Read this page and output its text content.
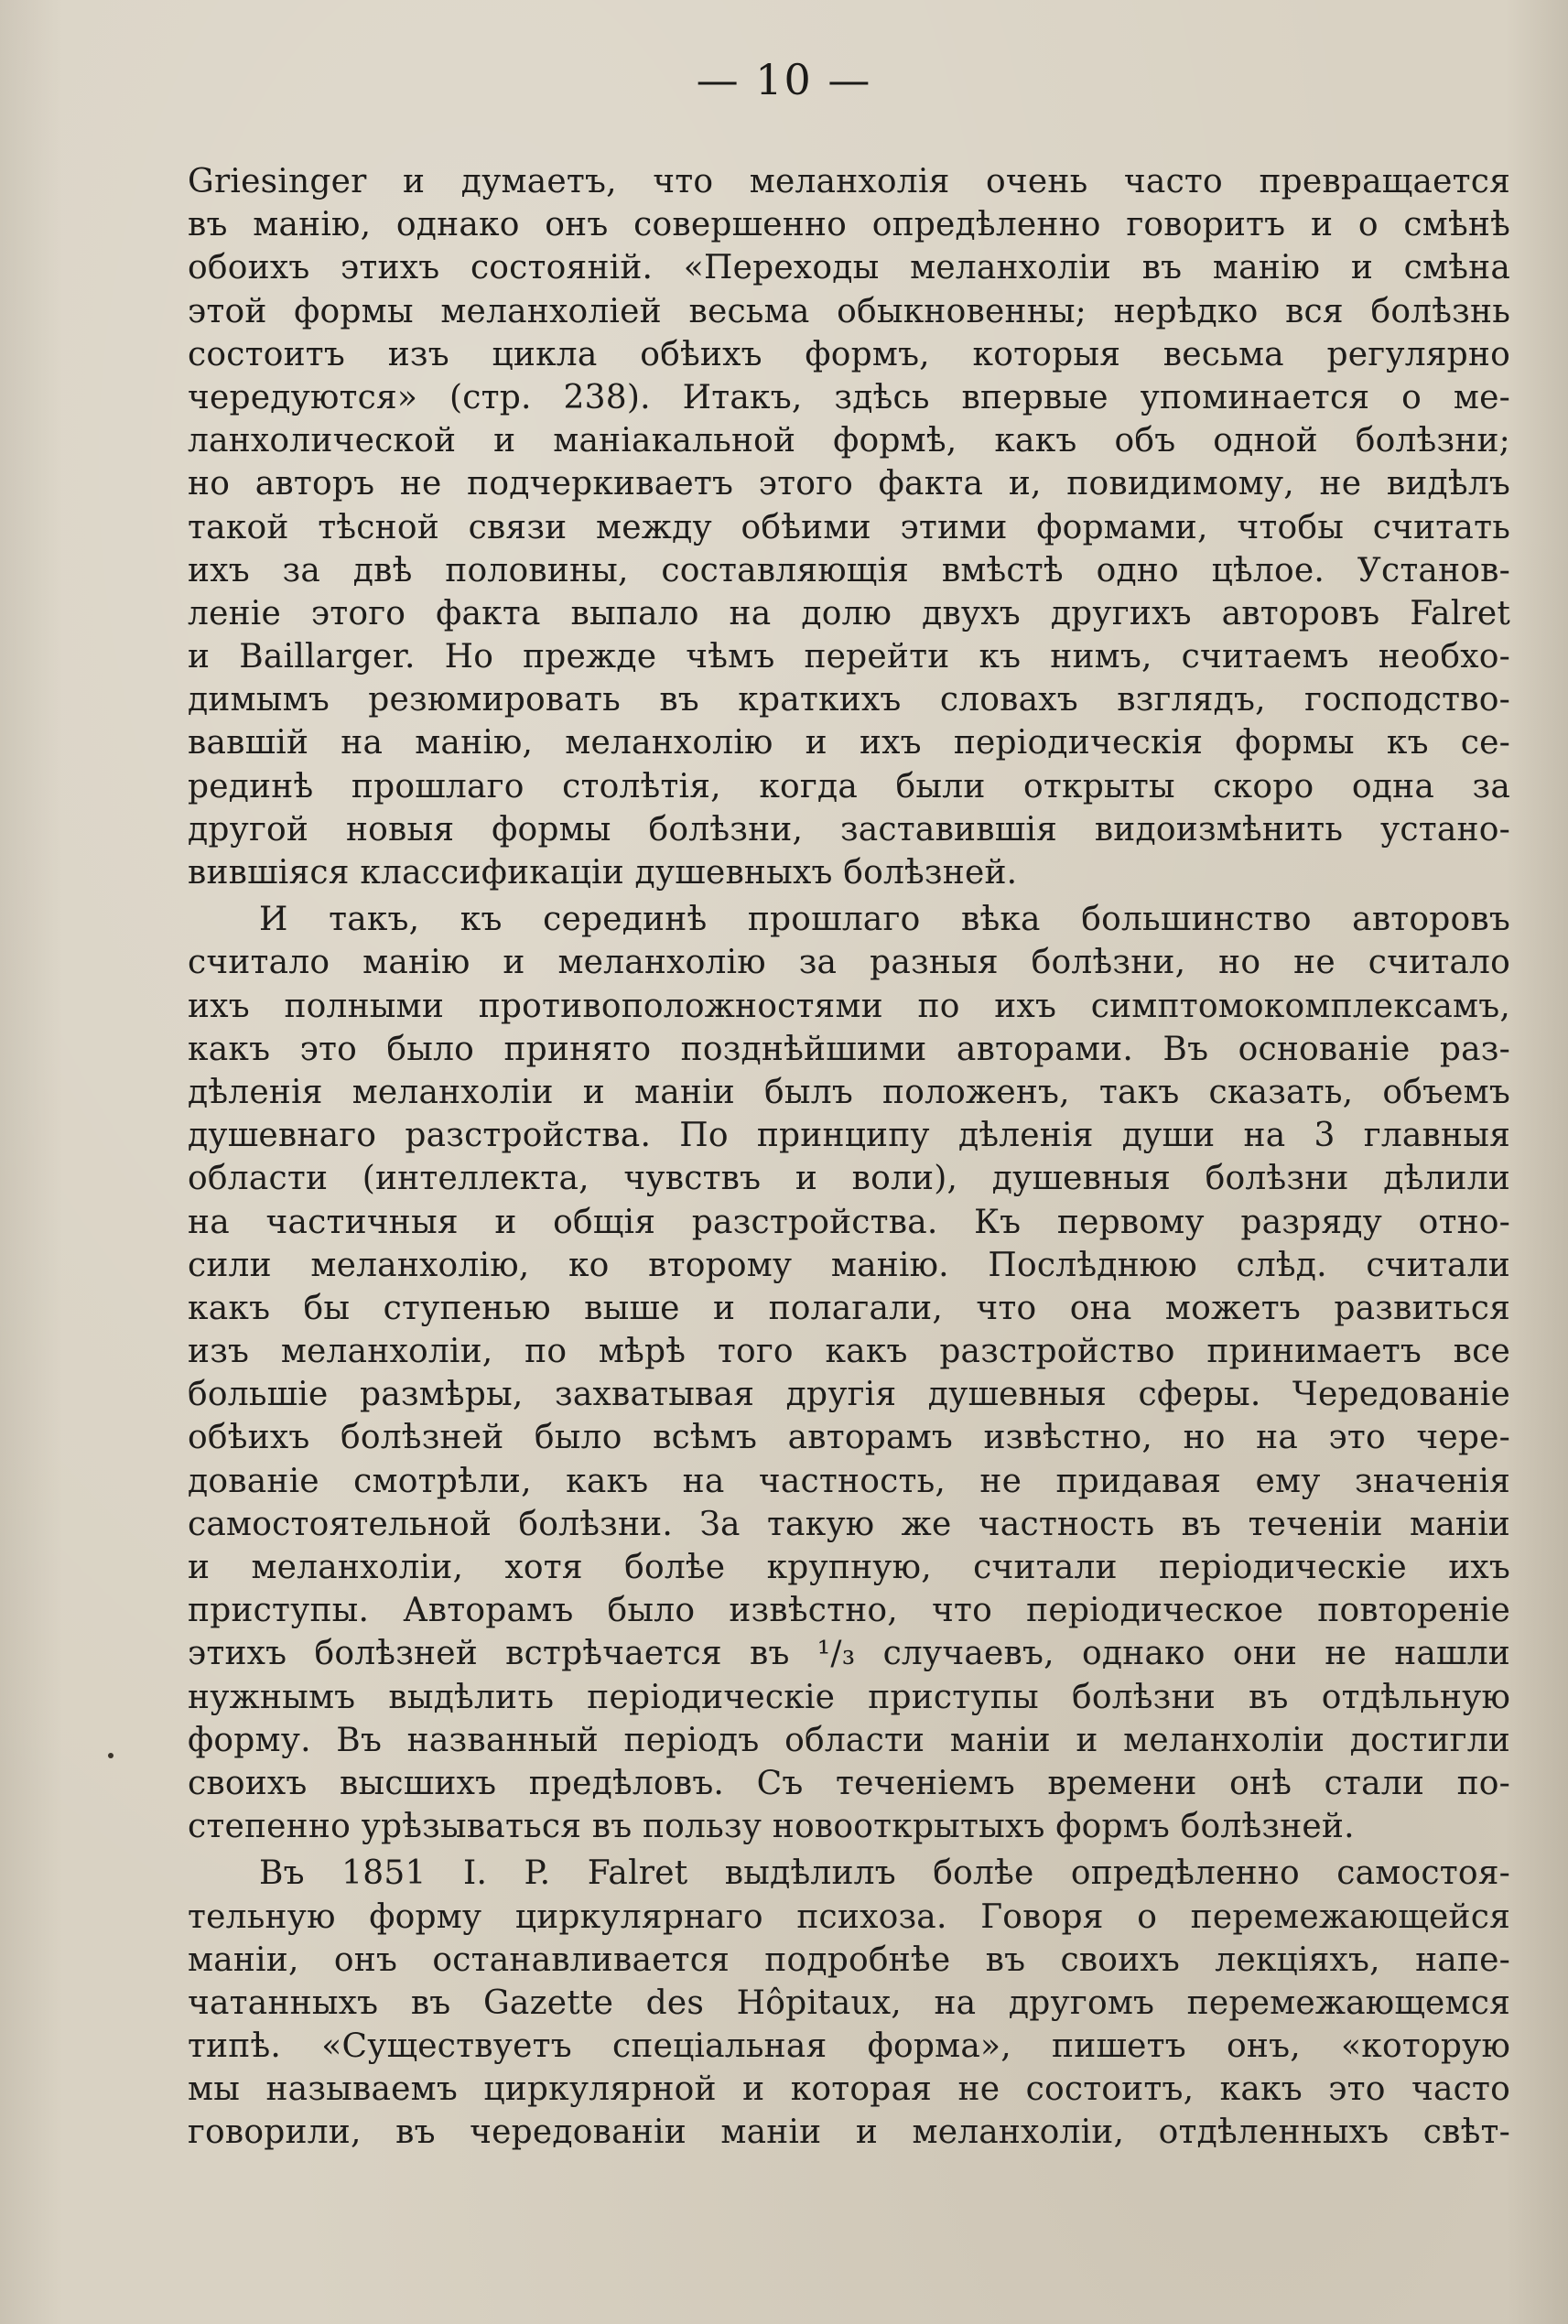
— 10 —
Griesinger и думаетъ, что меланхолія очень часто превращается
въ манію, однако онъ совершенно опредѣленно говоритъ и о смѣнѣ
обоихъ этихъ состояній. «Переходы меланхоліи въ манію и смѣна
этой формы меланхоліей весьма обыкновенны; нерѣдко вся болѣзнь
состоитъ изъ цикла обѣихъ формъ, которыя весьма регулярно
чередуются» (стр. 238). Итакъ, здѣсь впервые упоминается о ме-
ланхолической и маніакальной формѣ, какъ объ одной болѣзни;
но авторъ не подчеркиваетъ этого факта и, повидимому, не видѣлъ
такой тѣсной связи между обѣими этими формами, чтобы считать
ихъ за двѣ половины, составляющія вмѣстѣ одно цѣлое. Установ-
леніе этого факта выпало на долю двухъ другихъ авторовъ Falret
и Baillarger. Но прежде чѣмъ перейти къ нимъ, считаемъ необхо-
димымъ резюмировать въ краткихъ словахъ взглядъ, господство-
вавшій на манію, меланхолію и ихъ періодическія формы къ се-
рединѣ прошлаго столѣтія, когда были открыты скоро одна за
другой новыя формы болѣзни, заставившія видоизмѣнить устано-
вившіяся классификаціи душевныхъ болѣзней.
И такъ, къ серединѣ прошлаго вѣка большинство авторовъ
считало манію и меланхолію за разныя болѣзни, но не считало
ихъ полными противоположностями по ихъ симптомокомплексамъ,
какъ это было принято позднѣйшими авторами. Въ основаніе раз-
дѣленія меланхоліи и маніи былъ положенъ, такъ сказать, объемъ
душевнаго разстройства. По принципу дѣленія души на 3 главныя
области (интеллекта, чувствъ и воли), душевныя болѣзни дѣлили
на частичныя и общія разстройства. Къ первому разряду отно-
сили меланхолію, ко второму манію. Послѣднюю слѣд. считали
какъ бы ступенью выше и полагали, что она можетъ развиться
изъ меланхоліи, по мѣрѣ того какъ разстройство принимаетъ все
большіе размѣры, захватывая другія душевныя сферы. Чередованіе
обѣихъ болѣзней было всѣмъ авторамъ извѣстно, но на это чере-
дованіе смотрѣли, какъ на частность, не придавая ему значенія
самостоятельной болѣзни. За такую же частность въ теченіи маніи
и меланхоліи, хотя болѣе крупную, считали періодическіе ихъ
приступы. Авторамъ было извѣстно, что періодическое повтореніе
этихъ болѣзней встрѣчается въ ¹/₃ случаевъ, однако они не нашли
нужнымъ выдѣлить періодическіе приступы болѣзни въ отдѣльную
форму. Въ названный періодъ области маніи и меланхоліи достигли
своихъ высшихъ предѣловъ. Съ теченіемъ времени онѣ стали по-
степенно урѣзываться въ пользу новооткрытыхъ формъ болѣзней.
Въ 1851 I. P. Falret выдѣлилъ болѣе опредѣленно самостоя-
тельную форму циркулярнаго психоза. Говоря о перемежающейся
маніи, онъ останавливается подробнѣе въ своихъ лекціяхъ, напе-
чатанныхъ въ Gazette des Hôpitaux, на другомъ перемежающемся
типѣ. «Существуетъ спеціальная форма», пишетъ онъ, «которую
мы называемъ циркулярной и которая не состоитъ, какъ это часто
говорили, въ чередованіи маніи и меланхоліи, отдѣленныхъ свѣт-
